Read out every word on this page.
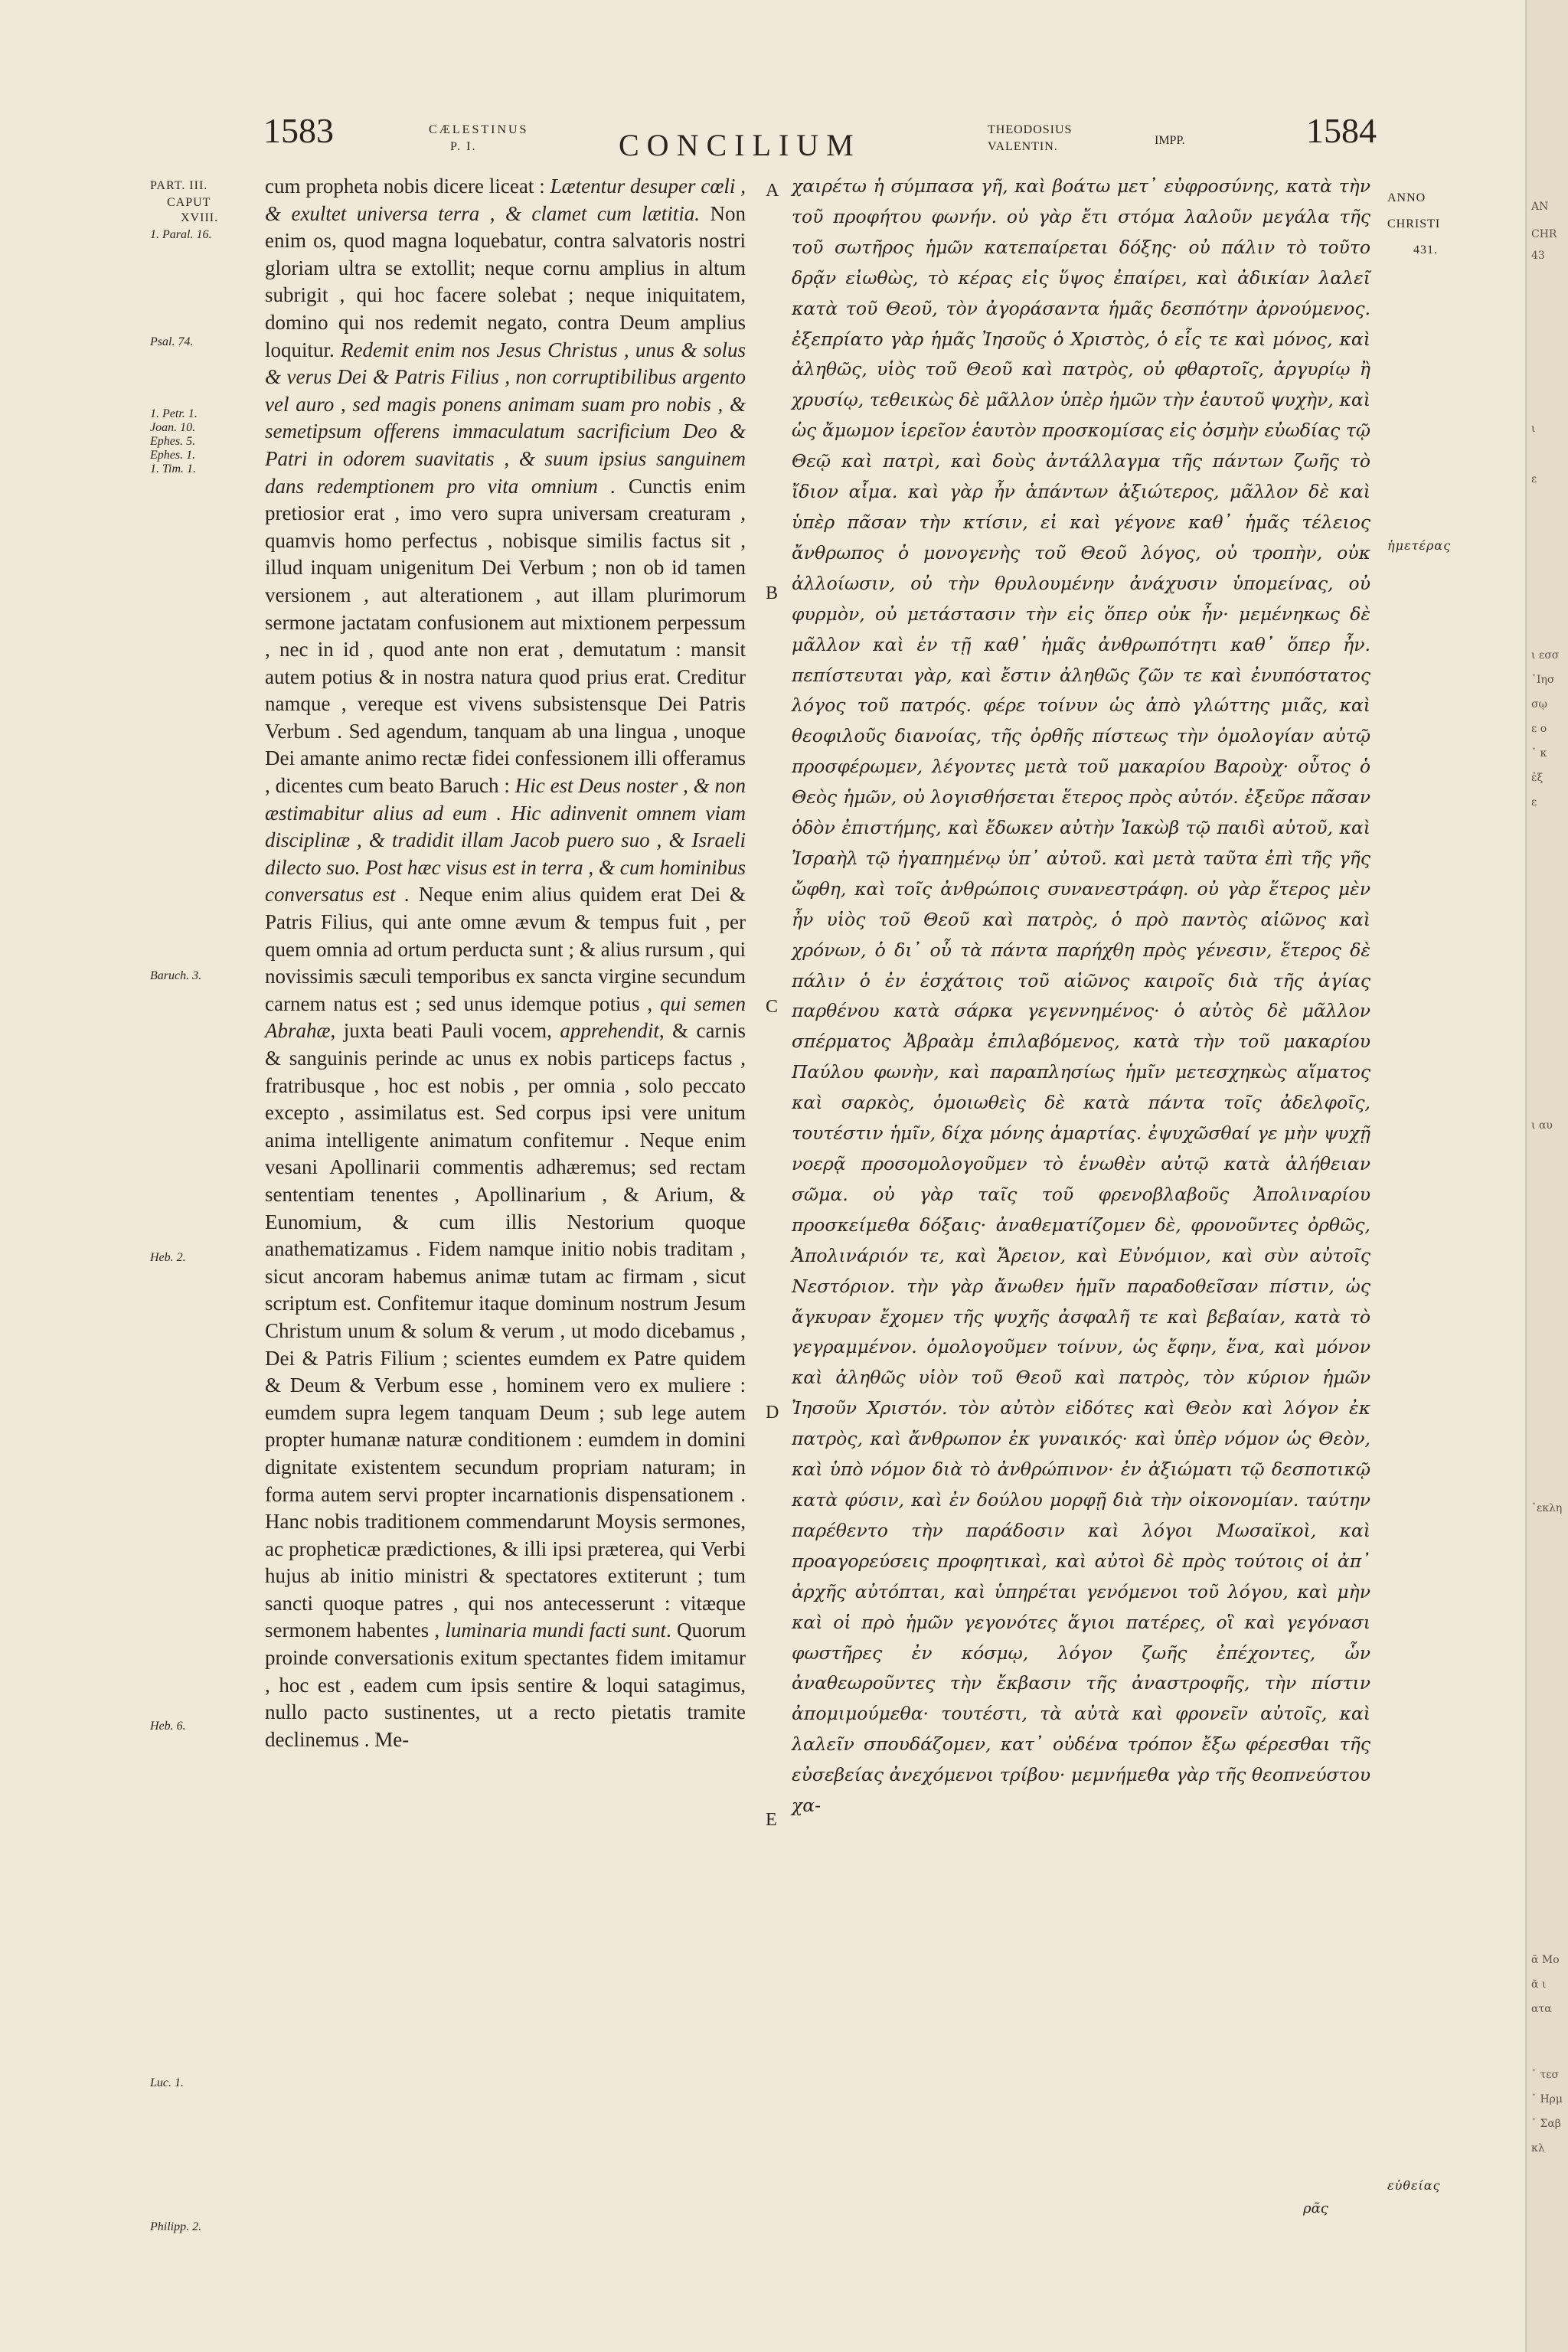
ΑΝ
CHR
43
ι
ε
ι εσσ
᾽Ιησ
σῳ
ε ο
᾽ κ
ἐξ
ε
ι αυ
᾽εκλη
ᾶ Mo
ᾶ ι
ατα
᾽ τεσ
᾽ Ηρμ
᾽ Σαβ
κλ
1583	CÆLESTINUS
P. I.	CONCILIUM	THEODOSIUS
VALENTIN.	IMPP.	1584
PART. III.
CAPUT
XVIII.
1. Paral. 16.
Psal. 74.
1. Petr. 1.
Joan. 10.
Ephes. 5.
Ephes. 1.
1. Tim. 1.
Baruch. 3.
Heb. 2.
Heb. 6.
Luc. 1.
Philipp. 2.

cum propheta nobis dicere liceat : Lætentur desuper cœli , & exultet universa terra , & clamet cum lætitia. Non enim os, quod magna loquebatur, contra salvatoris nostri gloriam ultra se extollit; neque cornu amplius in altum subrigit , qui hoc facere solebat ; neque iniquitatem, domino qui nos redemit negato, contra Deum amplius loquitur. Redemit enim nos Jesus Christus , unus & solus & verus Dei & Patris Filius , non corruptibilibus argento vel auro , sed magis ponens animam suam pro nobis , & semetipsum offerens immaculatum sacrificium Deo & Patri in odorem suavitatis , & suum ipsius sanguinem dans redemptionem pro vita omnium . Cunctis enim pretiosior erat , imo vero supra universam creaturam , quamvis homo perfectus , nobisque similis factus sit , illud inquam unigenitum Dei Verbum ; non ob id tamen versionem , aut alterationem , aut illam plurimorum sermone jactatam confusionem aut mixtionem perpessum , nec in id , quod ante non erat , demutatum : mansit autem potius & in nostra natura quod prius erat. Creditur namque , vereque est vivens subsistensque Dei Patris Verbum . Sed agendum, tanquam ab una lingua , unoque Dei amante animo rectæ fidei confessionem illi offeramus , dicentes cum beato Baruch : Hic est Deus noster , & non æstimabitur alius ad eum . Hic adinvenit omnem viam disciplinæ , & tradidit illam Jacob puero suo , & Israeli dilecto suo. Post hæc visus est in terra , & cum hominibus conversatus est . Neque enim alius quidem erat Dei & Patris Filius, qui ante omne ævum & tempus fuit , per quem omnia ad ortum perducta sunt ; & alius rursum , qui novissimis sæculi temporibus ex sancta virgine secundum carnem natus est ; sed unus idemque potius , qui semen Abrahæ, juxta beati Pauli vocem, apprehendit, & carnis & sanguinis perinde ac unus ex nobis particeps factus , fratribusque , hoc est nobis , per omnia , solo peccato excepto , assimilatus est. Sed corpus ipsi vere unitum anima intelligente animatum confitemur . Neque enim vesani Apollinarii commentis adhæremus; sed rectam sententiam tenentes , Apollinarium , & Arium, & Eunomium, & cum illis Nestorium quoque anathematizamus . Fidem namque initio nobis traditam , sicut ancoram habemus animæ tutam ac firmam , sicut scriptum est. Confitemur itaque dominum nostrum Jesum Christum unum & solum & verum , ut modo dicebamus , Dei & Patris Filium ; scientes eumdem ex Patre quidem & Deum & Verbum esse , hominem vero ex muliere : eumdem supra legem tanquam Deum ; sub lege autem propter humanæ naturæ conditionem : eumdem in domini dignitate existentem secundum propriam naturam; in forma autem servi propter incarnationis dispensationem . Hanc nobis traditionem commendarunt Moysis sermones, ac propheticæ prædictiones, & illi ipsi præterea, qui Verbi hujus ab initio ministri & spectatores extiterunt ; tum sancti quoque patres , qui nos antecesserunt : vitæque sermonem habentes , luminaria mundi facti sunt. Quorum proinde conversationis exitum spectantes fidem imitamur , hoc est , eadem cum ipsis sentire & loqui satagimus, nullo pacto sustinentes, ut a recto pietatis tramite declinemus . Me-

A
B
C
D
E

χαιρέτω ἡ σύμπασα γῆ, καὶ βοάτω μετ᾽ εὐφροσύνης, κατὰ τὴν τοῦ προφήτου φωνήν. οὐ γὰρ ἔτι στόμα λαλοῦν μεγάλα τῆς τοῦ σωτῆρος ἡμῶν κατεπαίρεται δόξης· οὐ πάλιν τὸ τοῦτο δρᾷν εἰωθὼς, τὸ κέρας εἰς ὕψος ἐπαίρει, καὶ ἀδικίαν λαλεῖ κατὰ τοῦ Θεοῦ, τὸν ἀγοράσαντα ἡμᾶς δεσπότην ἀρνούμενος. ἐξεπρίατο γὰρ ἡμᾶς Ἰησοῦς ὁ Χριστὸς, ὁ εἷς τε καὶ μόνος, καὶ ἀληθῶς, υἱὸς τοῦ Θεοῦ καὶ πατρὸς, οὐ φθαρτοῖς, ἀργυρίῳ ἢ χρυσίῳ, τεθεικὼς δὲ μᾶλλον ὑπὲρ ἡμῶν τὴν ἑαυτοῦ ψυχὴν, καὶ ὡς ἄμωμον ἱερεῖον ἑαυτὸν προσκομίσας εἰς ὀσμὴν εὐωδίας τῷ Θεῷ καὶ πατρὶ, καὶ δοὺς ἀντάλλαγμα τῆς πάντων ζωῆς τὸ ἴδιον αἷμα. καὶ γὰρ ἦν ἁπάντων ἀξιώτερος, μᾶλλον δὲ καὶ ὑπὲρ πᾶσαν τὴν κτίσιν, εἰ καὶ γέγονε καθ᾽ ἡμᾶς τέλειος ἄνθρωπος ὁ μονογενὴς τοῦ Θεοῦ λόγος, οὐ τροπὴν, οὐκ ἀλλοίωσιν, οὐ τὴν θρυλουμένην ἀνάχυσιν ὑπομείνας, οὐ φυρμὸν, οὐ μετάστασιν τὴν εἰς ὅπερ οὐκ ἦν· μεμένηκως δὲ μᾶλλον καὶ ἐν τῇ καθ᾽ ἡμᾶς ἀνθρωπότητι καθ᾽ ὅπερ ἦν. πεπίστευται γὰρ, καὶ ἔστιν ἀληθῶς ζῶν τε καὶ ἐνυπόστατος λόγος τοῦ πατρός. φέρε τοίνυν ὡς ἀπὸ γλώττης μιᾶς, καὶ θεοφιλοῦς διανοίας, τῆς ὀρθῆς πίστεως τὴν ὁμολογίαν αὐτῷ προσφέρωμεν, λέγοντες μετὰ τοῦ μακαρίου Βαροὺχ· οὗτος ὁ Θεὸς ἡμῶν, οὐ λογισθήσεται ἕτερος πρὸς αὐτόν. ἐξεῦρε πᾶσαν ὁδὸν ἐπιστήμης, καὶ ἔδωκεν αὐτὴν Ἰακὼβ τῷ παιδὶ αὐτοῦ, καὶ Ἰσραὴλ τῷ ἠγαπημένῳ ὑπ᾽ αὐτοῦ. καὶ μετὰ ταῦτα ἐπὶ τῆς γῆς ὤφθη, καὶ τοῖς ἀνθρώποις συνανεστράφη. οὐ γὰρ ἕτερος μὲν ἦν υἱὸς τοῦ Θεοῦ καὶ πατρὸς, ὁ πρὸ παντὸς αἰῶνος καὶ χρόνων, ὁ δι᾽ οὗ τὰ πάντα παρήχθη πρὸς γένεσιν, ἕτερος δὲ πάλιν ὁ ἐν ἐσχάτοις τοῦ αἰῶνος καιροῖς διὰ τῆς ἁγίας παρθένου κατὰ σάρκα γεγεννημένος· ὁ αὐτὸς δὲ μᾶλλον σπέρματος Ἀβραὰμ ἐπιλαβόμενος, κατὰ τὴν τοῦ μακαρίου Παύλου φωνὴν, καὶ παραπλησίως ἡμῖν μετεσχηκὼς αἵματος καὶ σαρκὸς, ὁμοιωθεὶς δὲ κατὰ πάντα τοῖς ἀδελφοῖς, τουτέστιν ἡμῖν, δίχα μόνης ἁμαρτίας. ἐψυχῶσθαί γε μὴν ψυχῇ νοερᾷ προσομολογοῦμεν τὸ ἑνωθὲν αὐτῷ κατὰ ἀλήθειαν σῶμα. οὐ γὰρ ταῖς τοῦ φρενοβλαβοῦς Ἀπολιναρίου προσκείμεθα δόξαις· ἀναθεματίζομεν δὲ, φρονοῦντες ὀρθῶς, Ἀπολινάριόν τε, καὶ Ἄρειον, καὶ Εὐνόμιον, καὶ σὺν αὐτοῖς Νεστόριον. τὴν γὰρ ἄνωθεν ἡμῖν παραδοθεῖσαν πίστιν, ὡς ἄγκυραν ἔχομεν τῆς ψυχῆς ἀσφαλῆ τε καὶ βεβαίαν, κατὰ τὸ γεγραμμένον. ὁμολογοῦμεν τοίνυν, ὡς ἔφην, ἕνα, καὶ μόνον καὶ ἀληθῶς υἱὸν τοῦ Θεοῦ καὶ πατρὸς, τὸν κύριον ἡμῶν Ἰησοῦν Χριστόν. τὸν αὐτὸν εἰδότες καὶ Θεὸν καὶ λόγον ἐκ πατρὸς, καὶ ἄνθρωπον ἐκ γυναικός· καὶ ὑπὲρ νόμον ὡς Θεὸν, καὶ ὑπὸ νόμον διὰ τὸ ἀνθρώπινον· ἐν ἀξιώματι τῷ δεσποτικῷ κατὰ φύσιν, καὶ ἐν δούλου μορφῇ διὰ τὴν οἰκονομίαν. ταύτην παρέθεντο τὴν παράδοσιν καὶ λόγοι Μωσαϊκοὶ, καὶ προαγορεύσεις προφητικαὶ, καὶ αὐτοὶ δὲ πρὸς τούτοις οἱ ἀπ᾽ ἀρχῆς αὐτόπται, καὶ ὑπηρέται γενόμενοι τοῦ λόγου, καὶ μὴν καὶ οἱ πρὸ ἡμῶν γεγονότες ἅγιοι πατέρες, οἳ καὶ γεγόνασι φωστῆρες ἐν κόσμῳ, λόγον ζωῆς ἐπέχοντες, ὧν ἀναθεωροῦντες τὴν ἔκβασιν τῆς ἀναστροφῆς, τὴν πίστιν ἀπομιμούμεθα· τουτέστι, τὰ αὐτὰ καὶ φρονεῖν αὐτοῖς, καὶ λαλεῖν σπουδάζομεν, κατ᾽ οὐδένα τρόπον ἔξω φέρεσθαι τῆς εὐσεβείας ἀνεχόμενοι τρίβου· μεμνήμεθα γὰρ τῆς θεοπνεύστου χα-

ANNO
CHRISTI
431.
ἡμετέρας
εὐθείας
ρᾶς
